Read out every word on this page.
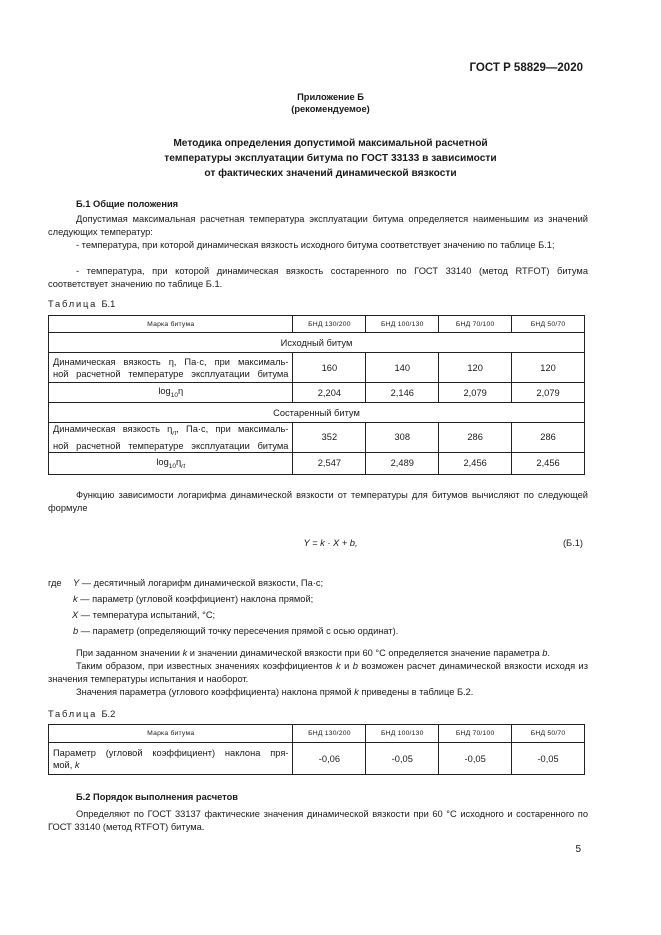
ГОСТ Р 58829—2020
Приложение Б
(рекомендуемое)
Методика определения допустимой максимальной расчетной
температуры эксплуатации битума по ГОСТ 33133 в зависимости
от фактических значений динамической вязкости
Б.1 Общие положения
Допустимая максимальная расчетная температура эксплуатации битума определяется наименьшим из значений следующих температур:
- температура, при которой динамическая вязкость исходного битума соответствует значению по таблице Б.1;
- температура, при которой динамическая вязкость состаренного по ГОСТ 33140 (метод RTFOT) битума соответствует значению по таблице Б.1.
Таблица Б.1
Марка битума	БНД 130/200	БНД 100/130	БНД 70/100	БНД 50/70
Исходный битум				

Динамическая вязкость η, Па·с, при максималь-
ной расчетной температуре эксплуатации битума	160	140	120	120
$\log_{10}\eta$	2,204	2,146	2,079	2,079
Состаренный битум				

Динамическая вязкость $\eta_{rt}$, Па·с, при максималь-
ной расчетной температуре эксплуатации битума	352	308	286	286
$\log_{10}\eta_{rt}$	2,547	2,489	2,456	2,456
Функцию зависимости логарифма динамической вязкости от температуры для битумов вычисляют по следующей формуле
Y = k · X + b,	(Б.1)
где Y — десятичный логарифм динамической вязкости, Па·с;
k — параметр (угловой коэффициент) наклона прямой;
X — температура испытаний, °С;
b — параметр (определяющий точку пересечения прямой с осью ординат).
При заданном значении k и значении динамической вязкости при 60 °С определяется значение параметра b.
Таким образом, при известных значениях коэффициентов k и b возможен расчет динамической вязкости исходя из значения температуры испытания и наоборот.
Значения параметра (углового коэффициента) наклона прямой k приведены в таблице Б.2.
Таблица Б.2
Марка битума	БНД 130/200	БНД 100/130	БНД 70/100	БНД 50/70

Параметр (угловой коэффициент) наклона пря-
мой, k	-0,06	-0,05	-0,05	-0,05
Б.2 Порядок выполнения расчетов
Определяют по ГОСТ 33137 фактические значения динамической вязкости при 60 °С исходного и состаренного по ГОСТ 33140 (метод RTFOT) битума.
5
